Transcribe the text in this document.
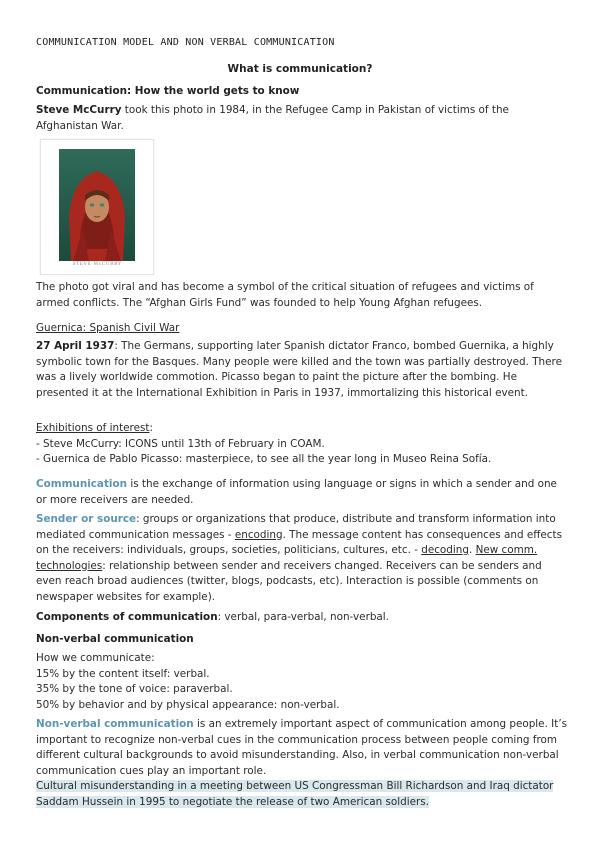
COMMUNICATION MODEL AND NON VERBAL COMMUNICATION
What is communication?
Communication: How the world gets to know
Steve McCurry took this photo in 1984, in the Refugee Camp in Pakistan of victims of the Afghanistan War.
STEVE McCURRY
The photo got viral and has become a symbol of the critical situation of refugees and victims of armed conflicts. The “Afghan Girls Fund” was founded to help Young Afghan refugees.
Guernica: Spanish Civil War
27 April 1937: The Germans, supporting later Spanish dictator Franco, bombed Guernika, a highly symbolic town for the Basques. Many people were killed and the town was partially destroyed. There was a lively worldwide commotion. Picasso began to paint the picture after the bombing. He presented it at the International Exhibition in Paris in 1937, immortalizing this historical event.

Exhibitions of interest:

- Steve McCurry: ICONS until 13th of February in COAM.

- Guernica de Pablo Picasso: masterpiece, to see all the year long in Museo Reina Sofía.

Communication is the exchange of information using language or signs in which a sender and one or more receivers are needed.
Sender or source: groups or organizations that produce, distribute and transform information into mediated communication messages - encoding. The message content has consequences and effects on the receivers: individuals, groups, societies, politicians, cultures, etc. - decoding. New comm. technologies: relationship between sender and receivers changed. Receivers can be senders and even reach broad audiences (twitter, blogs, podcasts, etc). Interaction is possible (comments on newspaper websites for example).
Components of communication: verbal, para-verbal, non-verbal.
Non-verbal communication

How we communicate:

15% by the content itself: verbal.

35% by the tone of voice: paraverbal.

50% by behavior and by physical appearance: non-verbal.

Non-verbal communication is an extremely important aspect of communication among people. It’s important to recognize non-verbal cues in the communication process between people coming from different cultural backgrounds to avoid misunderstanding. Also, in verbal communication non-verbal communication cues play an important role.
Cultural misunderstanding in a meeting between US Congressman Bill Richardson and Iraq dictator Saddam Hussein in 1995 to negotiate the release of two American soldiers.
